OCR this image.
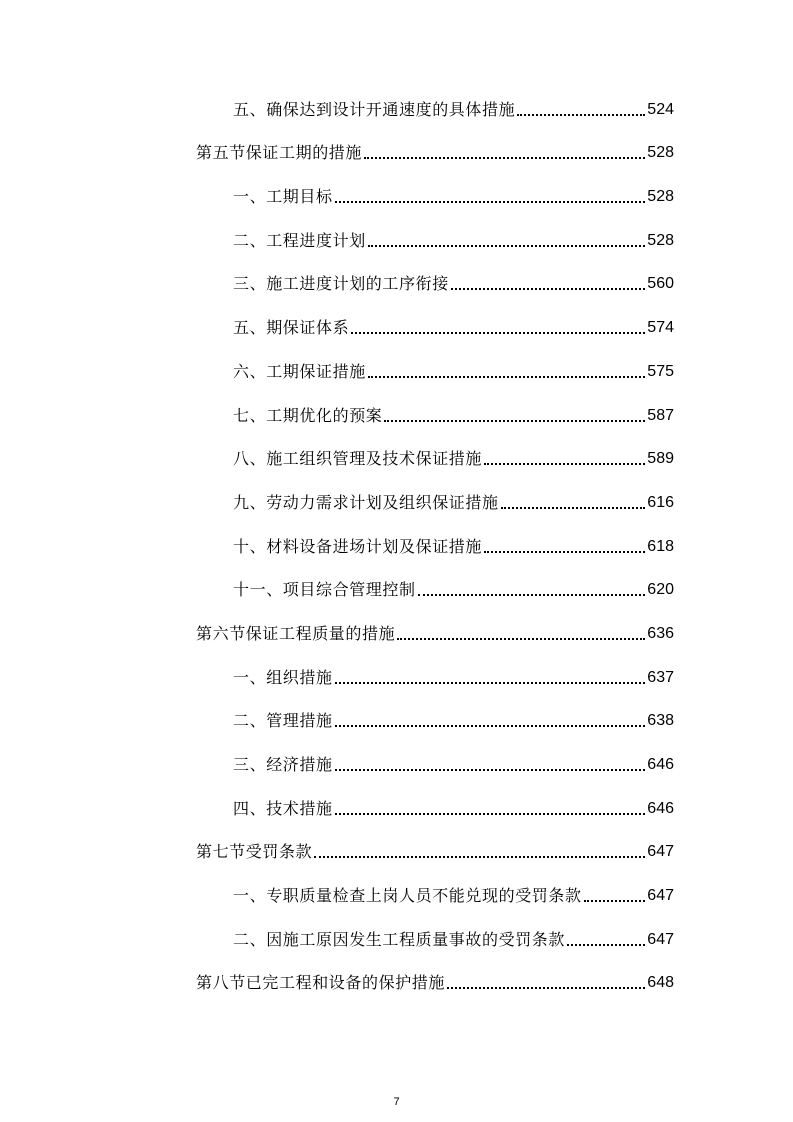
五、确保达到设计开通速度的具体措施	524
第五节保证工期的措施	528
一、工期目标	528
二、工程进度计划	528
三、施工进度计划的工序衔接	560
五、期保证体系	574
六、工期保证措施	575
七、工期优化的预案	587
八、施工组织管理及技术保证措施	589
九、劳动力需求计划及组织保证措施	616
十、材料设备进场计划及保证措施	618
十一、项目综合管理控制	620
第六节保证工程质量的措施	636
一、组织措施	637
二、管理措施	638
三、经济措施	646
四、技术措施	646
第七节受罚条款	647
一、专职质量检查上岗人员不能兑现的受罚条款	647
二、因施工原因发生工程质量事故的受罚条款	647
第八节已完工程和设备的保护措施	648
7
